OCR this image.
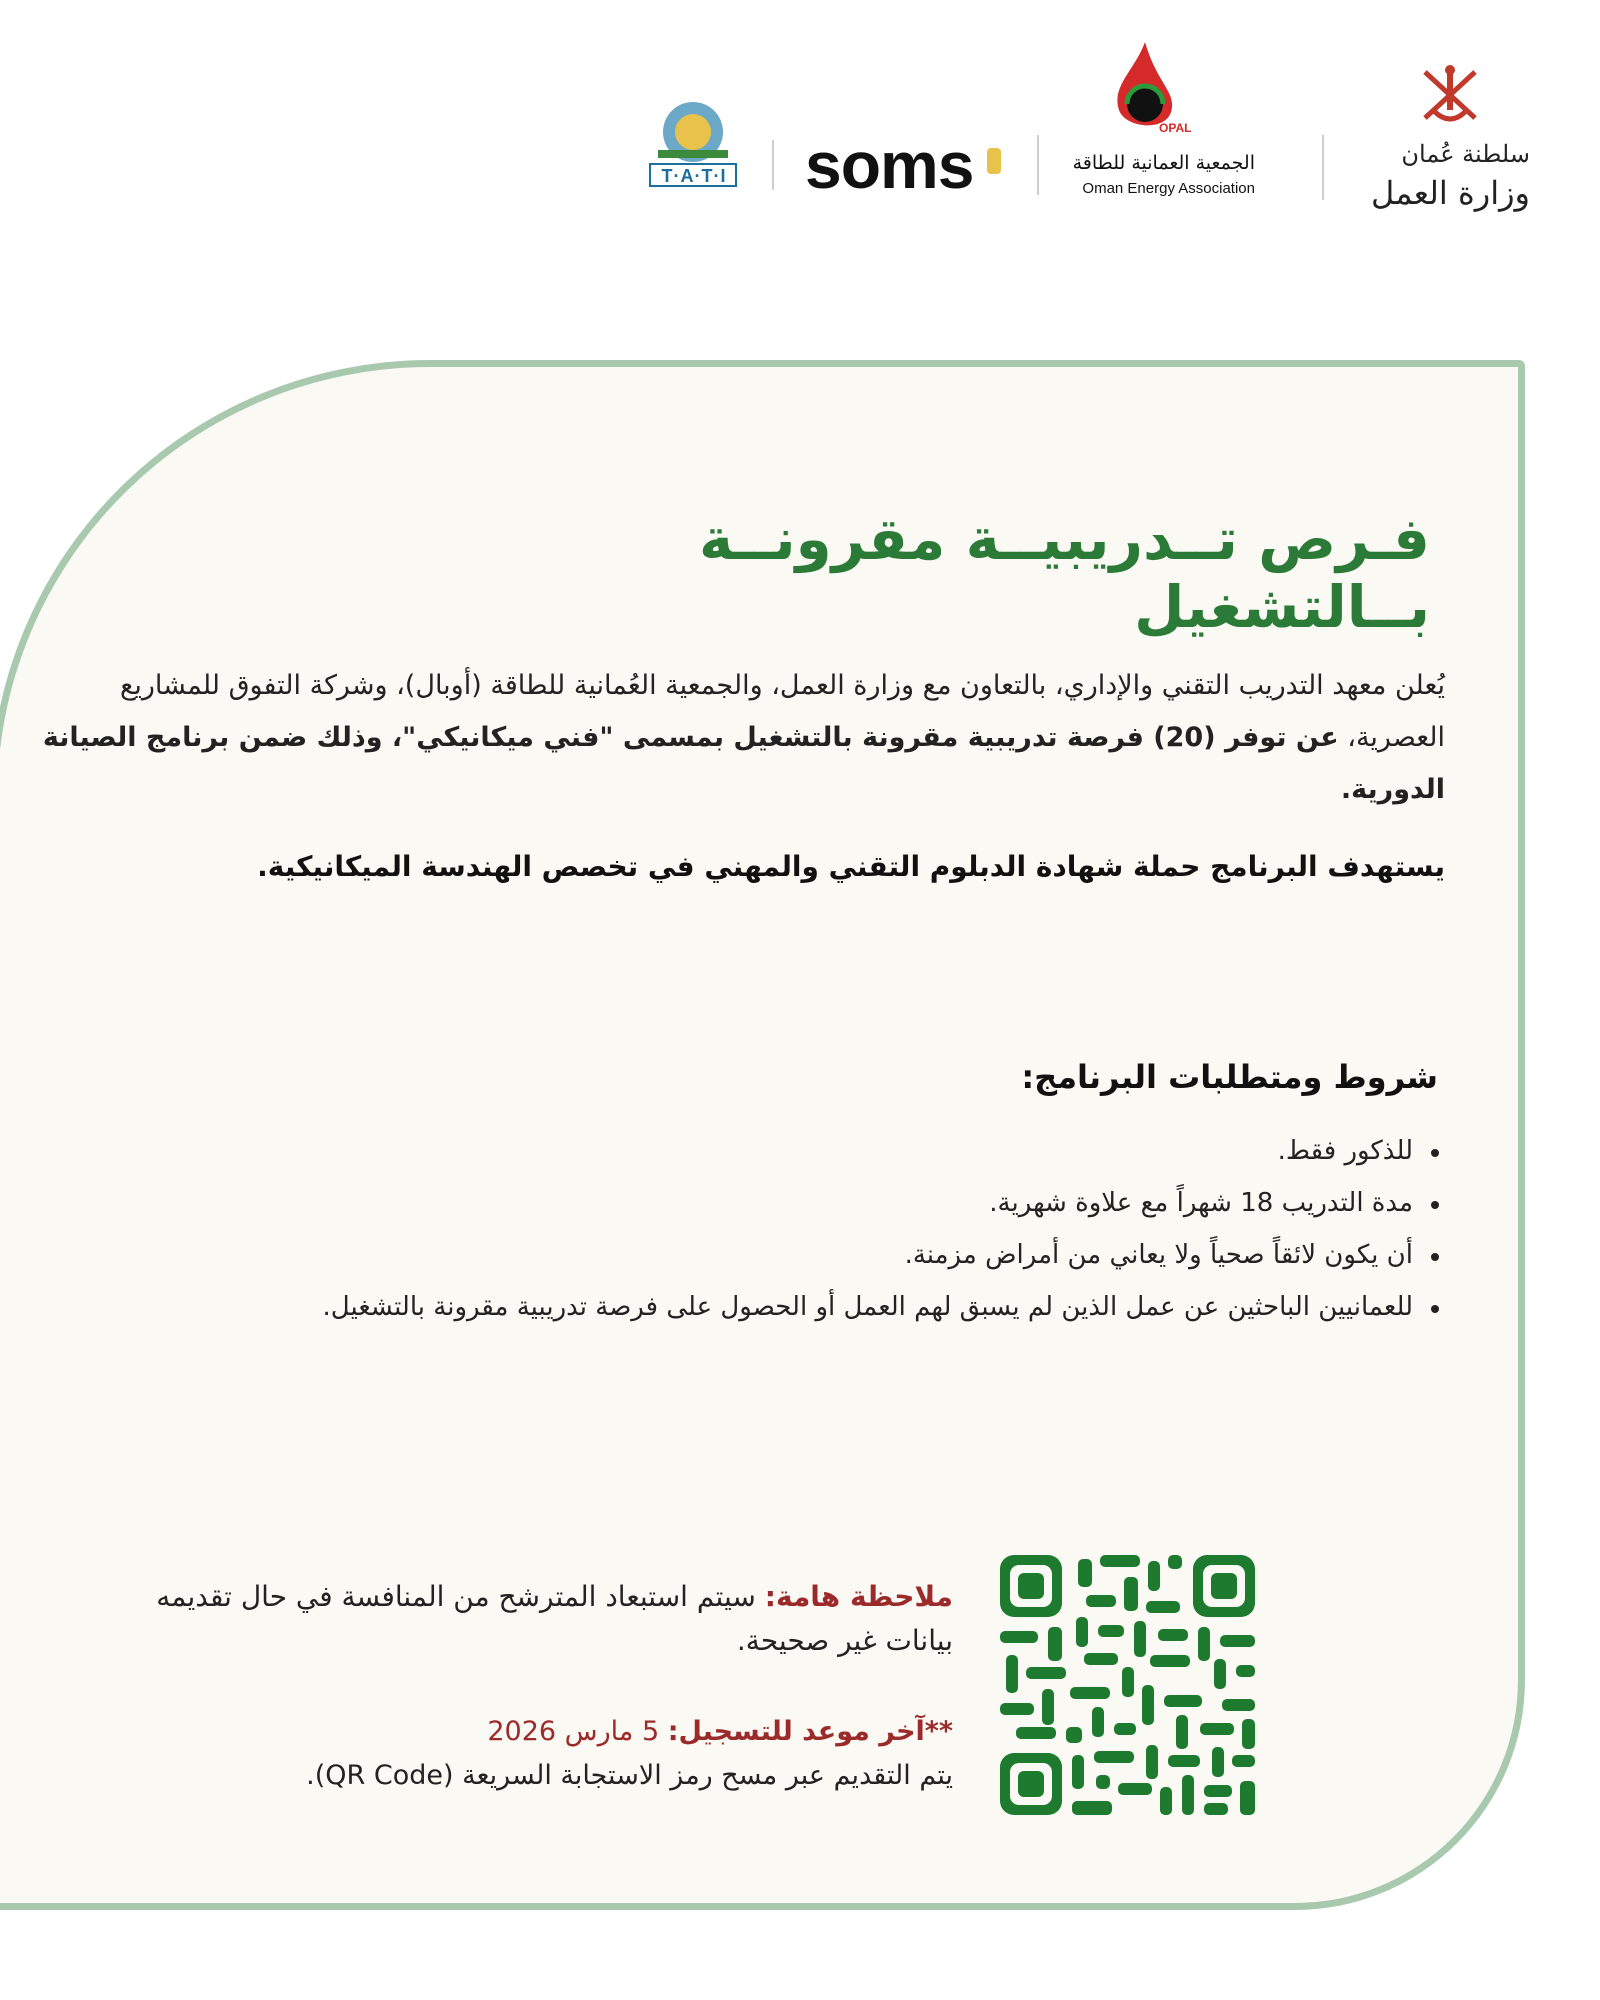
T·A·T·I soms	OPAL
الجمعية العمانية للطاقة
Oman Energy Association
سلطنة عُمان
وزارة العمل
فـرص تــدريبيــة مقرونــة بــالتشغيل
يُعلن معهد التدريب التقني والإداري، بالتعاون مع وزارة العمل، والجمعية العُمانية للطاقة (أوبال)، وشركة التفوق للمشاريع العصرية، عن توفر (20) فرصة تدريبية مقرونة بالتشغيل بمسمى "فني ميكانيكي"، وذلك ضمن برنامج الصيانة الدورية.
يستهدف البرنامج حملة شهادة الدبلوم التقني والمهني في تخصص الهندسة الميكانيكية.
شروط ومتطلبات البرنامج:
للذكور فقط.
مدة التدريب 18 شهراً مع علاوة شهرية.
أن يكون لائقاً صحياً ولا يعاني من أمراض مزمنة.
للعمانيين الباحثين عن عمل الذين لم يسبق لهم العمل أو الحصول على فرصة تدريبية مقرونة بالتشغيل.
ملاحظة هامة: سيتم استبعاد المترشح من المنافسة في حال تقديمه بيانات غير صحيحة.
**آخر موعد للتسجيل: 5 مارس 2026
يتم التقديم عبر مسح رمز الاستجابة السريعة (QR Code).
